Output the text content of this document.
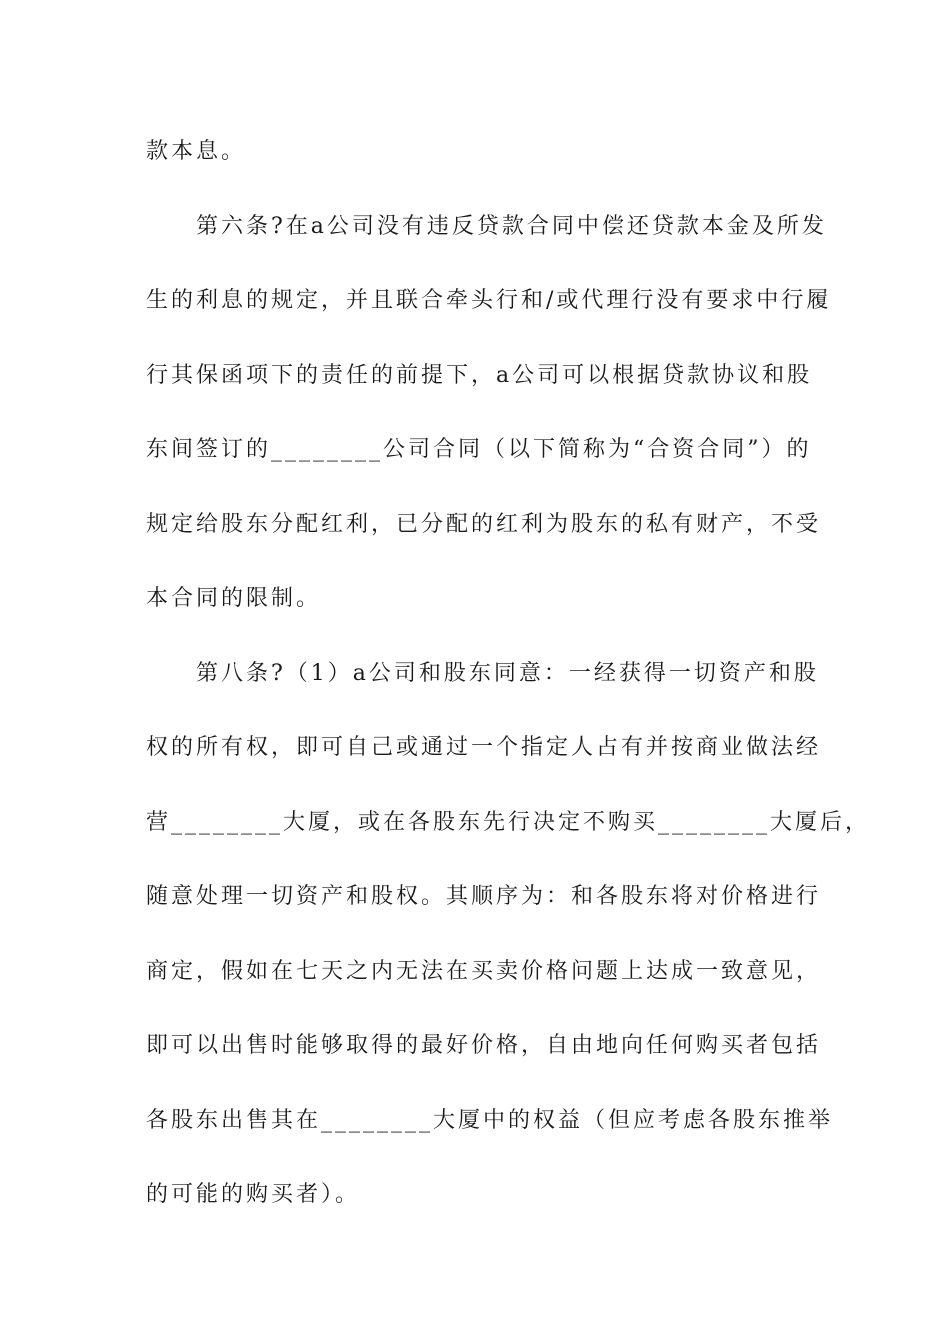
款本息。
第六条?在a公司没有违反贷款合同中偿还贷款本金及所发
生的利息的规定，并且联合牵头行和/或代理行没有要求中行履
行其保函项下的责任的前提下，a公司可以根据贷款协议和股
东间签订的________公司合同（以下简称为“合资合同”）的
规定给股东分配红利，已分配的红利为股东的私有财产，不受
本合同的限制。
第八条?（1）a公司和股东同意：一经获得一切资产和股
权的所有权，即可自己或通过一个指定人占有并按商业做法经
营________大厦，或在各股东先行决定不购买________大厦后，
随意处理一切资产和股权。其顺序为：和各股东将对价格进行
商定，假如在七天之内无法在买卖价格问题上达成一致意见，
即可以出售时能够取得的最好价格，自由地向任何购买者包括
各股东出售其在________大厦中的权益（但应考虑各股东推举
的可能的购买者）。
